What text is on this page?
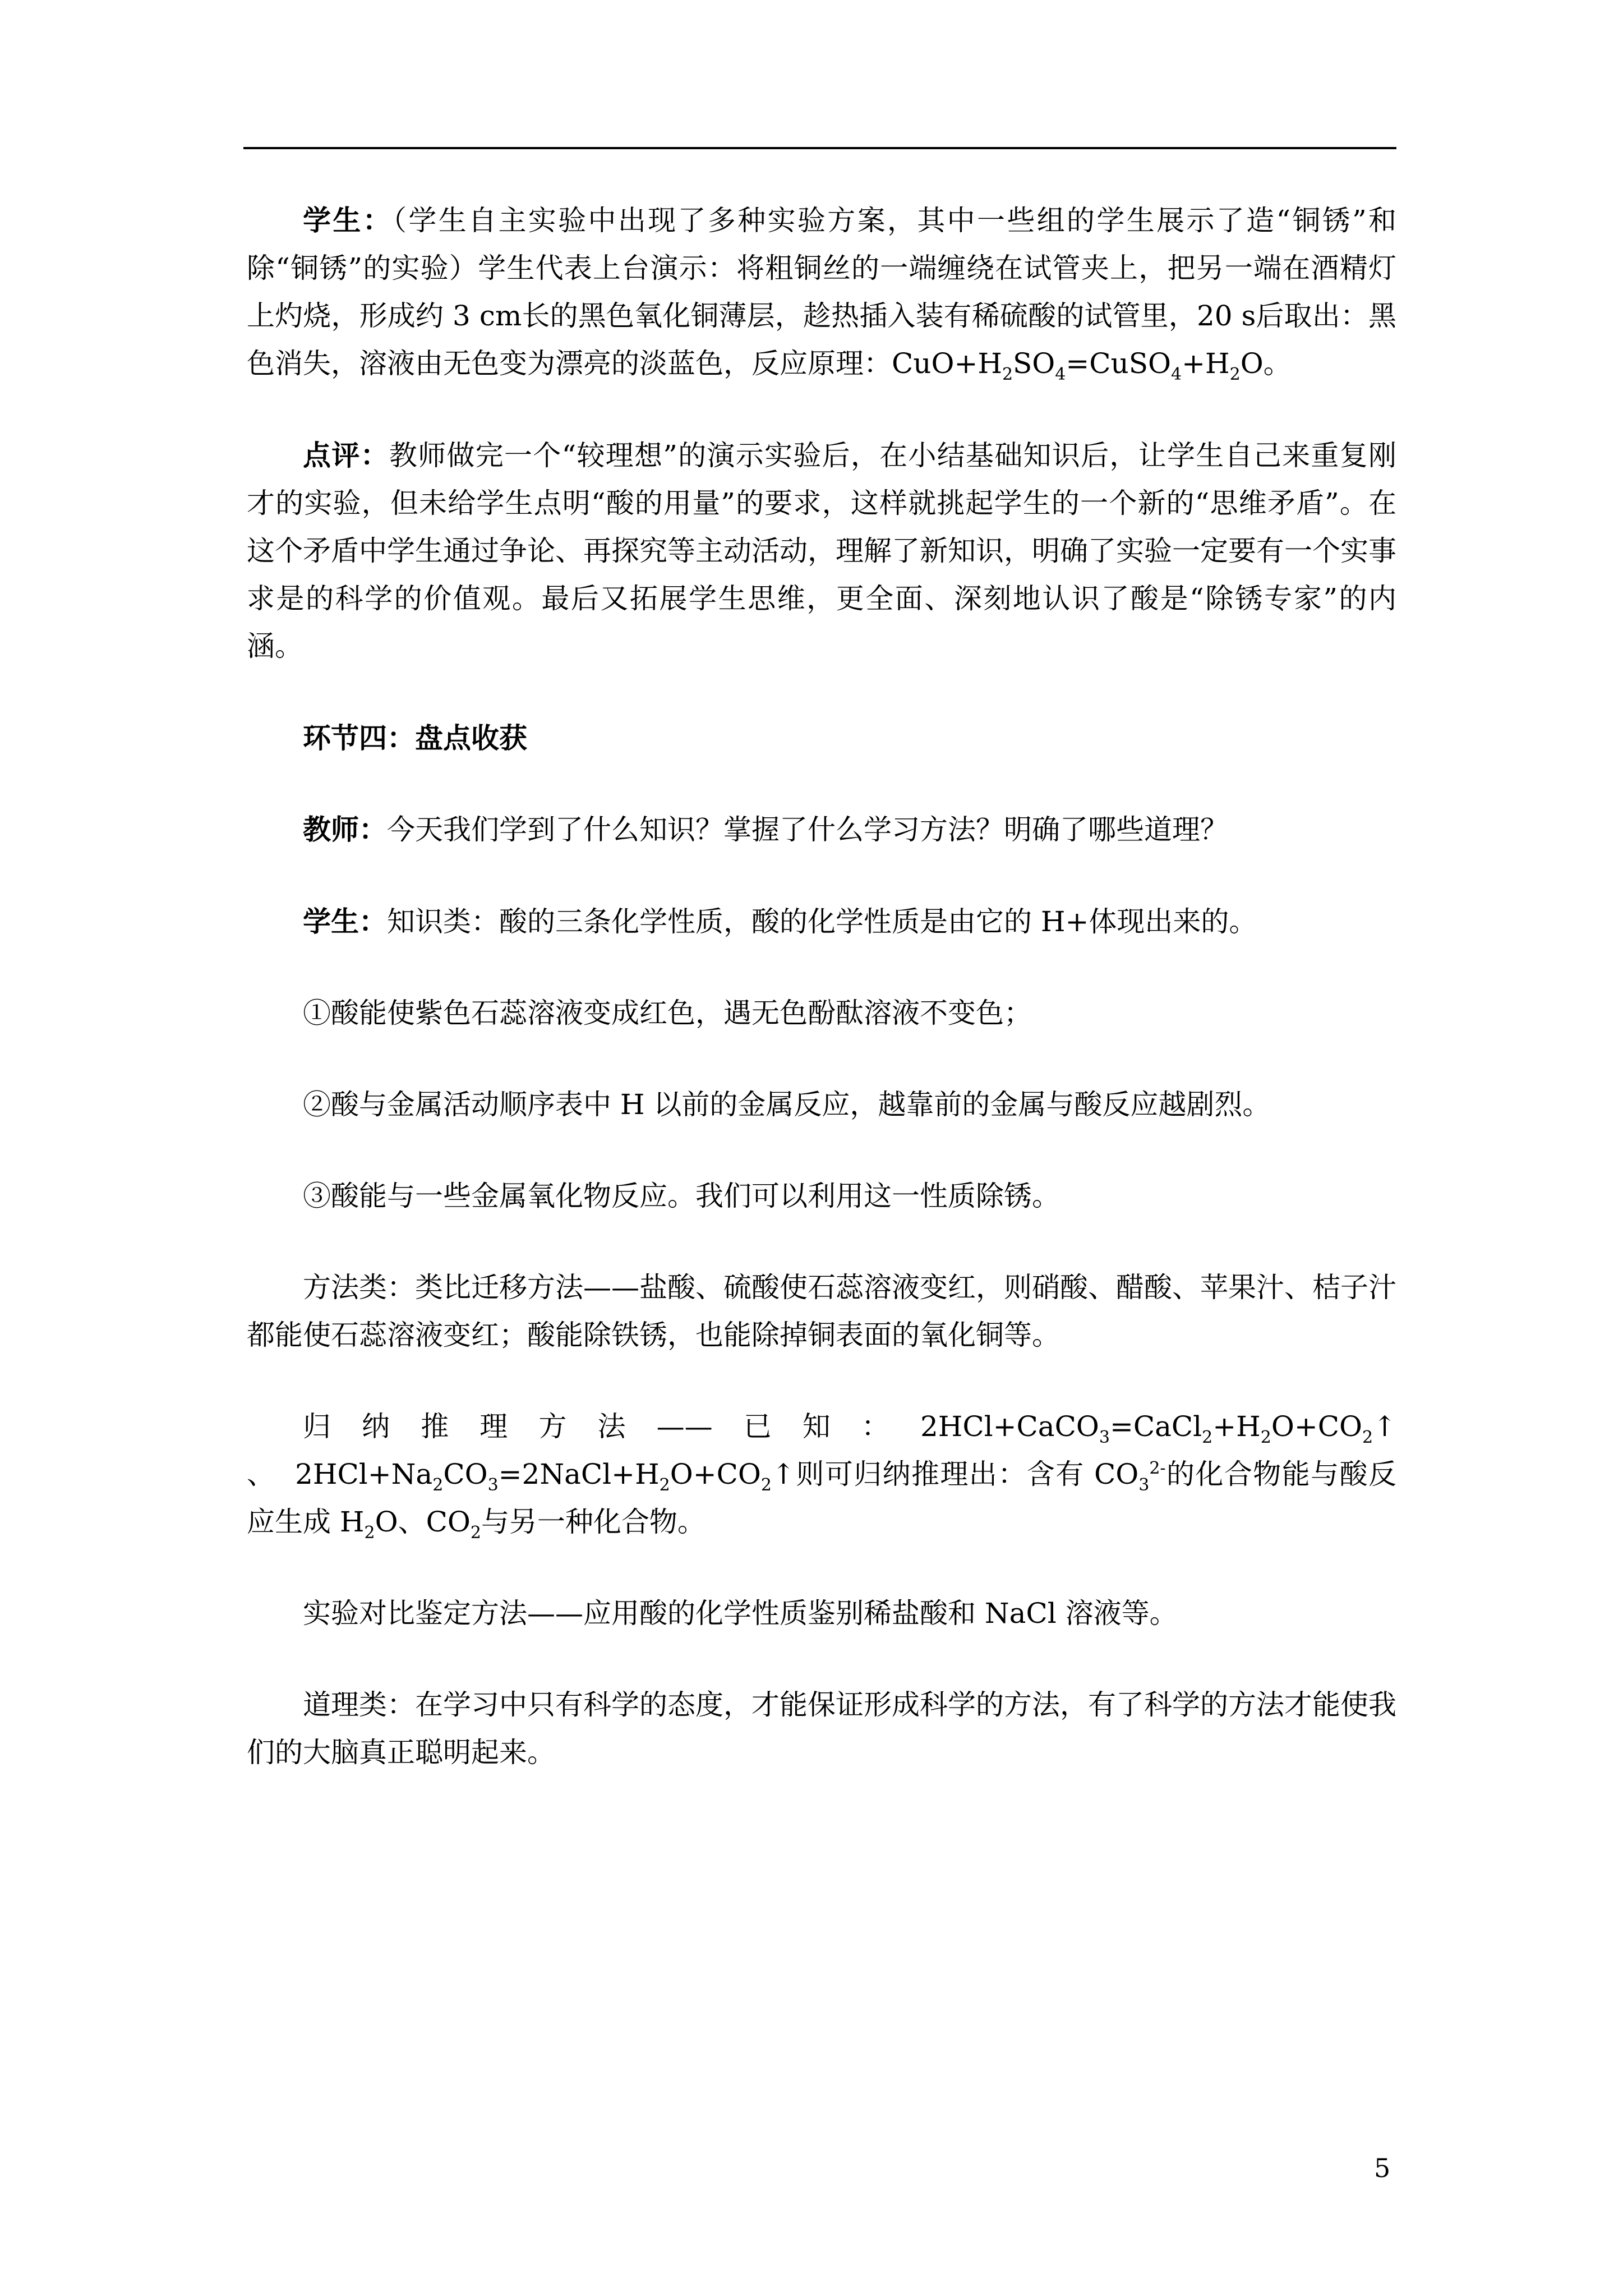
学生：（学生自主实验中出现了多种实验方案，其中一些组的学生展示了造“铜锈”和除“铜锈”的实验）学生代表上台演示：将粗铜丝的一端缠绕在试管夹上，把另一端在酒精灯上灼烧，形成约 3 cm长的黑色氧化铜薄层，趁热插入装有稀硫酸的试管里，20 s后取出：黑色消失，溶液由无色变为漂亮的淡蓝色，反应原理：$CuO+H_2SO_4=CuSO_4+H_2O$。

点评：教师做完一个“较理想”的演示实验后，在小结基础知识后，让学生自己来重复刚才的实验，但未给学生点明“酸的用量”的要求，这样就挑起学生的一个新的“思维矛盾”。在这个矛盾中学生通过争论、再探究等主动活动，理解了新知识，明确了实验一定要有一个实事求是的科学的价值观。最后又拓展学生思维，更全面、深刻地认识了酸是“除锈专家”的内涵。

环节四：盘点收获

教师：今天我们学到了什么知识？掌握了什么学习方法？明确了哪些道理？

学生：知识类：酸的三条化学性质，酸的化学性质是由它的 H+体现出来的。

①酸能使紫色石蕊溶液变成红色，遇无色酚酞溶液不变色；

②酸与金属活动顺序表中 H 以前的金属反应，越靠前的金属与酸反应越剧烈。

③酸能与一些金属氧化物反应。我们可以利用这一性质除锈。

方法类：类比迁移方法——盐酸、硫酸使石蕊溶液变红，则硝酸、醋酸、苹果汁、桔子汁都能使石蕊溶液变红；酸能除铁锈，也能除掉铜表面的氧化铜等。

归纳推理方法——已知：$2HCl+CaCO_3=CaCl_2+H_2O+CO_2↑$ 、 $2HCl+Na_2CO_3=2NaCl+H_2O+CO_2↑$则可归纳推理出：含有 $CO_3^{2-}$的化合物能与酸反应生成 $H_2O$、$CO_2$与另一种化合物。

实验对比鉴定方法——应用酸的化学性质鉴别稀盐酸和 NaCl 溶液等。

道理类：在学习中只有科学的态度，才能保证形成科学的方法，有了科学的方法才能使我们的大脑真正聪明起来。

5
